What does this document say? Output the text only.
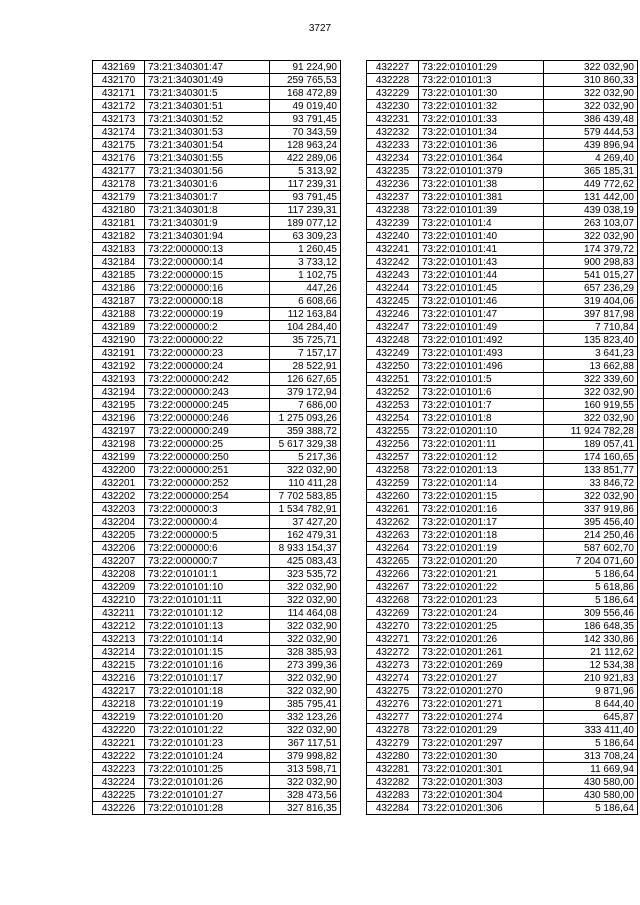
3727
432169	73:21:340301:47	91 224,90
432170	73:21:340301:49	259 765,53
432171	73:21:340301:5	168 472,89
432172	73:21:340301:51	49 019,40
432173	73:21:340301:52	93 791,45
432174	73:21:340301:53	70 343,59
432175	73:21:340301:54	128 963,24
432176	73:21:340301:55	422 289,06
432177	73:21:340301:56	5 313,92
432178	73:21:340301:6	117 239,31
432179	73:21:340301:7	93 791,45
432180	73:21:340301:8	117 239,31
432181	73:21:340301:9	189 077,12
432182	73:21:340301:94	63 309,23
432183	73:22:000000:13	1 260,45
432184	73:22:000000:14	3 733,12
432185	73:22:000000:15	1 102,75
432186	73:22:000000:16	447,26
432187	73:22:000000:18	6 608,66
432188	73:22:000000:19	112 163,84
432189	73:22:000000:2	104 284,40
432190	73:22:000000:22	35 725,71
432191	73:22:000000:23	7 157,17
432192	73:22:000000:24	28 522,91
432193	73:22:000000:242	126 627,65
432194	73:22:000000:243	379 172,94
432195	73:22:000000:245	7 686,00
432196	73:22:000000:246	1 275 093,26
432197	73:22:000000:249	359 388,72
432198	73:22:000000:25	5 617 329,38
432199	73:22:000000:250	5 217,36
432200	73:22:000000:251	322 032,90
432201	73:22:000000:252	110 411,28
432202	73:22:000000:254	7 702 583,85
432203	73:22:000000:3	1 534 782,91
432204	73:22:000000:4	37 427,20
432205	73:22:000000:5	162 479,31
432206	73:22:000000:6	8 933 154,37
432207	73:22:000000:7	425 083,43
432208	73:22:010101:1	323 535,72
432209	73:22:010101:10	322 032,90
432210	73:22:010101:11	322 032,90
432211	73:22:010101:12	114 464,08
432212	73:22:010101:13	322 032,90
432213	73:22:010101:14	322 032,90
432214	73:22:010101:15	328 385,93
432215	73:22:010101:16	273 399,36
432216	73:22:010101:17	322 032,90
432217	73:22:010101:18	322 032,90
432218	73:22:010101:19	385 795,41
432219	73:22:010101:20	332 123,26
432220	73:22:010101:22	322 032,90
432221	73:22:010101:23	367 117,51
432222	73:22:010101:24	379 998,82
432223	73:22:010101:25	313 598,71
432224	73:22:010101:26	322 032,90
432225	73:22:010101:27	328 473,56
432226	73:22:010101:28	327 816,35
432227	73:22:010101:29	322 032,90
432228	73:22:010101:3	310 860,33
432229	73:22:010101:30	322 032,90
432230	73:22:010101:32	322 032,90
432231	73:22:010101:33	386 439,48
432232	73:22:010101:34	579 444,53
432233	73:22:010101:36	439 896,94
432234	73:22:010101:364	4 269,40
432235	73:22:010101:379	365 185,31
432236	73:22:010101:38	449 772,62
432237	73:22:010101:381	131 442,00
432238	73:22:010101:39	439 038,19
432239	73:22:010101:4	263 103,07
432240	73:22:010101:40	322 032,90
432241	73:22:010101:41	174 379,72
432242	73:22:010101:43	900 298,83
432243	73:22:010101:44	541 015,27
432244	73:22:010101:45	657 236,29
432245	73:22:010101:46	319 404,06
432246	73:22:010101:47	397 817,98
432247	73:22:010101:49	7 710,84
432248	73:22:010101:492	135 823,40
432249	73:22:010101:493	3 641,23
432250	73:22:010101:496	13 662,88
432251	73:22:010101:5	322 339,60
432252	73:22:010101:6	322 032,90
432253	73:22:010101:7	160 919,55
432254	73:22:010101:8	322 032,90
432255	73:22:010201:10	11 924 782,28
432256	73:22:010201:11	189 057,41
432257	73:22:010201:12	174 160,65
432258	73:22:010201:13	133 851,77
432259	73:22:010201:14	33 846,72
432260	73:22:010201:15	322 032,90
432261	73:22:010201:16	337 919,86
432262	73:22:010201:17	395 456,40
432263	73:22:010201:18	214 250,46
432264	73:22:010201:19	587 602,70
432265	73:22:010201:20	7 204 071,60
432266	73:22:010201:21	5 186,64
432267	73:22:010201:22	5 618,86
432268	73:22:010201:23	5 186,64
432269	73:22:010201:24	309 556,46
432270	73:22:010201:25	186 648,35
432271	73:22:010201:26	142 330,86
432272	73:22:010201:261	21 112,62
432273	73:22:010201:269	12 534,38
432274	73:22:010201:27	210 921,83
432275	73:22:010201:270	9 871,96
432276	73:22:010201:271	8 644,40
432277	73:22:010201:274	645,87
432278	73:22:010201:29	333 411,40
432279	73:22:010201:297	5 186,64
432280	73:22:010201:30	313 708,24
432281	73:22:010201:301	11 669,94
432282	73:22:010201:303	430 580,00
432283	73:22:010201:304	430 580,00
432284	73:22:010201:306	5 186,64
